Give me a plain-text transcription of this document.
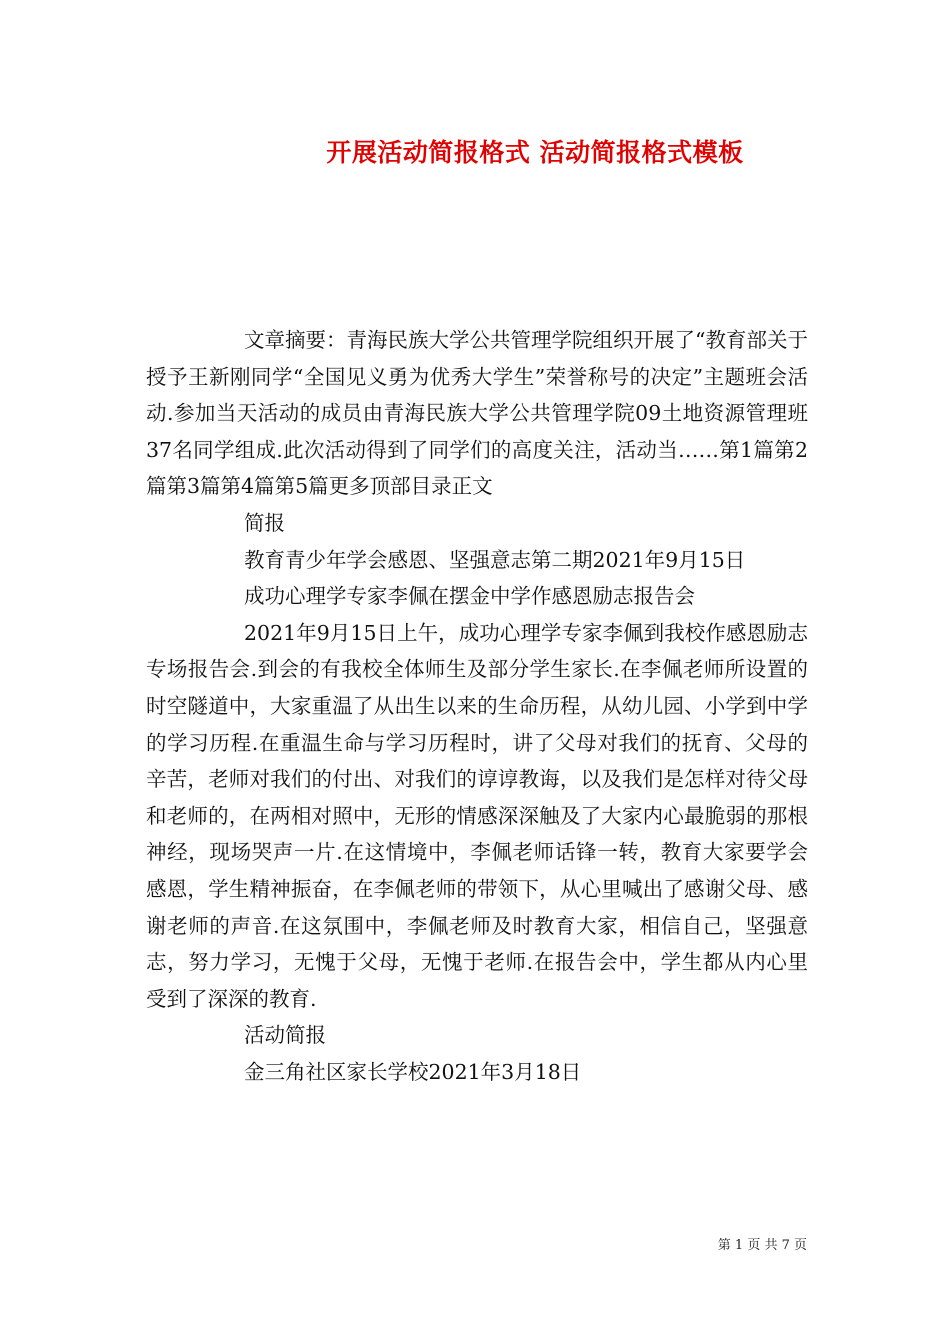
开展活动简报格式 活动简报格式模板

文章摘要：青海民族大学公共管理学院组织开展了“教育部关于授予王新刚同学“全国见义勇为优秀大学生”荣誉称号的决定”主题班会活动.参加当天活动的成员由青海民族大学公共管理学院09土地资源管理班37名同学组成.此次活动得到了同学们的高度关注，活动当……第1篇第2篇第3篇第4篇第5篇更多顶部目录正文

简报

教育青少年学会感恩、坚强意志第二期2021年9月15日

成功心理学专家李佩在摆金中学作感恩励志报告会

2021年9月15日上午，成功心理学专家李佩到我校作感恩励志专场报告会.到会的有我校全体师生及部分学生家长.在李佩老师所设置的时空隧道中，大家重温了从出生以来的生命历程，从幼儿园、小学到中学的学习历程.在重温生命与学习历程时，讲了父母对我们的抚育、父母的辛苦，老师对我们的付出、对我们的谆谆教诲，以及我们是怎样对待父母和老师的，在两相对照中，无形的情感深深触及了大家内心最脆弱的那根神经，现场哭声一片.在这情境中，李佩老师话锋一转，教育大家要学会感恩，学生精神振奋，在李佩老师的带领下，从心里喊出了感谢父母、感谢老师的声音.在这氛围中，李佩老师及时教育大家，相信自己，坚强意志，努力学习，无愧于父母，无愧于老师.在报告会中，学生都从内心里受到了深深的教育.

活动简报

金三角社区家长学校2021年3月18日

第 1 页 共 7 页
